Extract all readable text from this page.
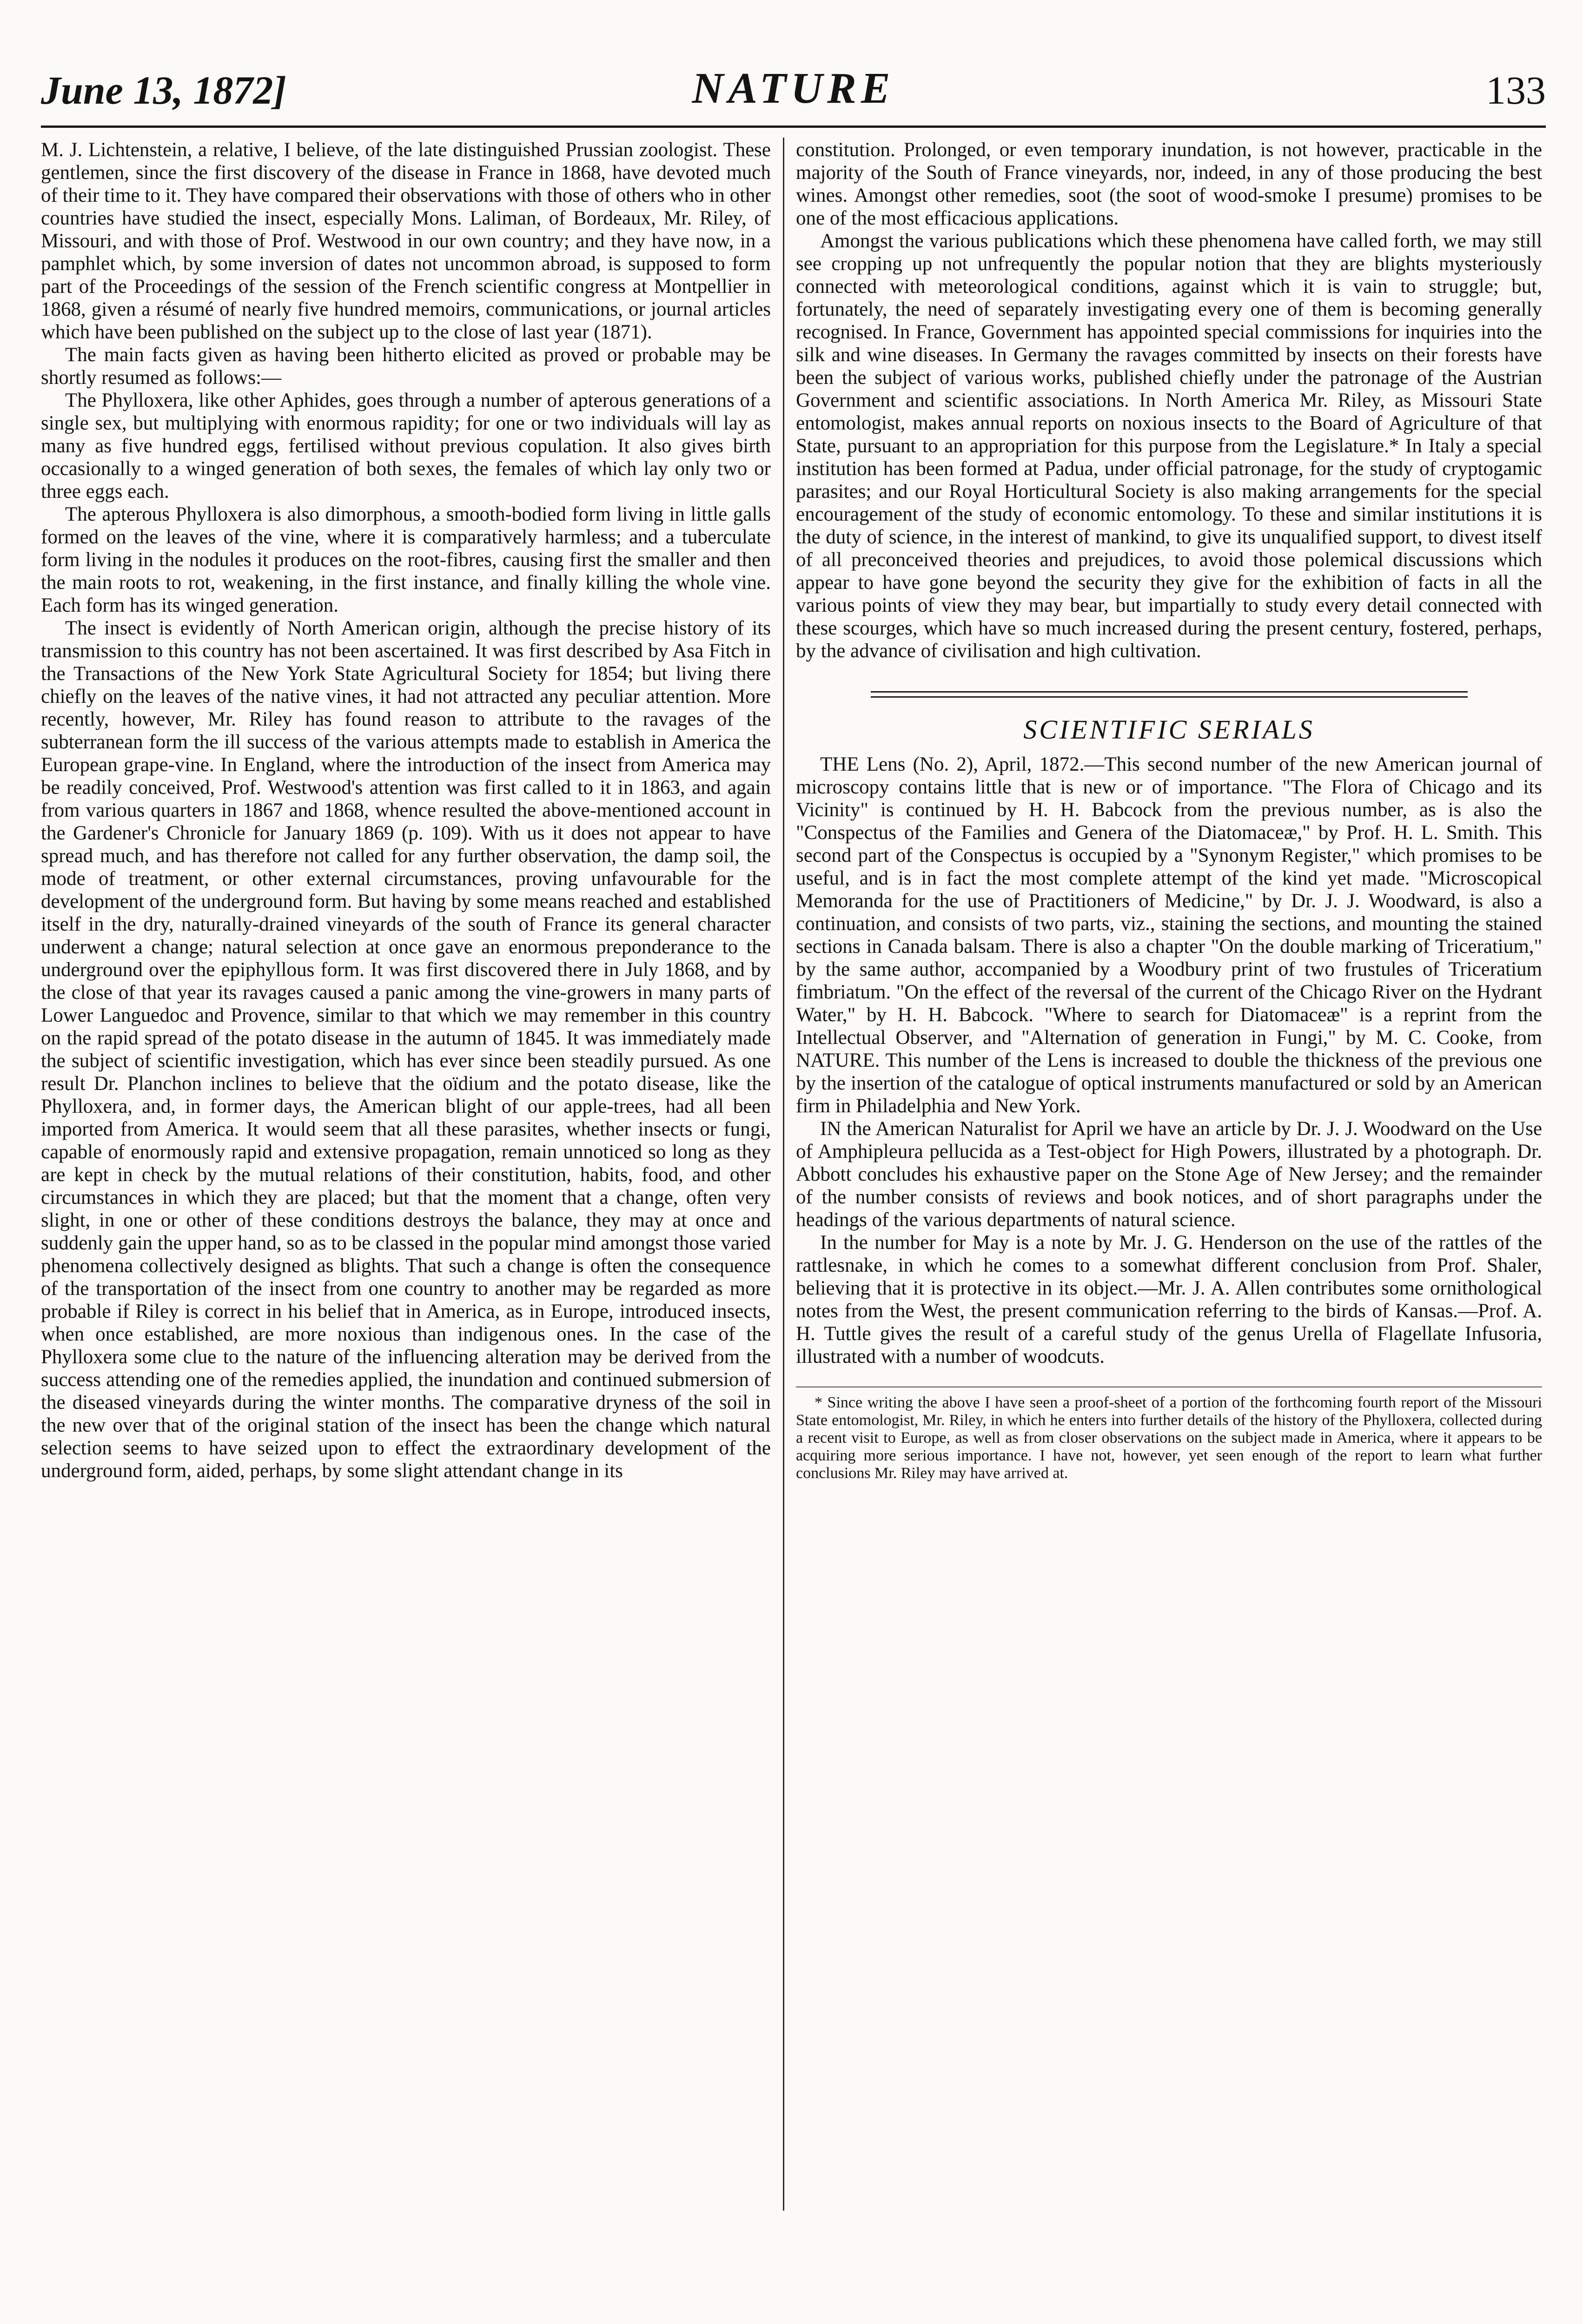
June 13, 1872]	NATURE	133

M. J. Lichtenstein, a relative, I believe, of the late distinguished Prussian zoologist. These gentlemen, since the first discovery of the disease in France in 1868, have devoted much of their time to it. They have compared their observations with those of others who in other countries have studied the insect, especially Mons. Laliman, of Bordeaux, Mr. Riley, of Missouri, and with those of Prof. Westwood in our own country; and they have now, in a pamphlet which, by some inversion of dates not uncommon abroad, is supposed to form part of the Proceedings of the session of the French scientific congress at Montpellier in 1868, given a résumé of nearly five hundred memoirs, communications, or journal articles which have been published on the subject up to the close of last year (1871).

The main facts given as having been hitherto elicited as proved or probable may be shortly resumed as follows:—

The Phylloxera, like other Aphides, goes through a number of apterous generations of a single sex, but multiplying with enormous rapidity; for one or two individuals will lay as many as five hundred eggs, fertilised without previous copulation. It also gives birth occasionally to a winged generation of both sexes, the females of which lay only two or three eggs each.

The apterous Phylloxera is also dimorphous, a smooth-bodied form living in little galls formed on the leaves of the vine, where it is comparatively harmless; and a tuberculate form living in the nodules it produces on the root-fibres, causing first the smaller and then the main roots to rot, weakening, in the first instance, and finally killing the whole vine. Each form has its winged generation.

The insect is evidently of North American origin, although the precise history of its transmission to this country has not been ascertained. It was first described by Asa Fitch in the Transactions of the New York State Agricultural Society for 1854; but living there chiefly on the leaves of the native vines, it had not attracted any peculiar attention. More recently, however, Mr. Riley has found reason to attribute to the ravages of the subterranean form the ill success of the various attempts made to establish in America the European grape-vine. In England, where the introduction of the insect from America may be readily conceived, Prof. Westwood's attention was first called to it in 1863, and again from various quarters in 1867 and 1868, whence resulted the above-mentioned account in the Gardener's Chronicle for January 1869 (p. 109). With us it does not appear to have spread much, and has therefore not called for any further observation, the damp soil, the mode of treatment, or other external circumstances, proving unfavourable for the development of the underground form. But having by some means reached and established itself in the dry, naturally-drained vineyards of the south of France its general character underwent a change; natural selection at once gave an enormous preponderance to the underground over the epiphyllous form. It was first discovered there in July 1868, and by the close of that year its ravages caused a panic among the vine-growers in many parts of Lower Languedoc and Provence, similar to that which we may remember in this country on the rapid spread of the potato disease in the autumn of 1845. It was immediately made the subject of scientific investigation, which has ever since been steadily pursued. As one result Dr. Planchon inclines to believe that the oïdium and the potato disease, like the Phylloxera, and, in former days, the American blight of our apple-trees, had all been imported from America. It would seem that all these parasites, whether insects or fungi, capable of enormously rapid and extensive propagation, remain unnoticed so long as they are kept in check by the mutual relations of their constitution, habits, food, and other circumstances in which they are placed; but that the moment that a change, often very slight, in one or other of these conditions destroys the balance, they may at once and suddenly gain the upper hand, so as to be classed in the popular mind amongst those varied phenomena collectively designed as blights. That such a change is often the consequence of the transportation of the insect from one country to another may be regarded as more probable if Riley is correct in his belief that in America, as in Europe, introduced insects, when once established, are more noxious than indigenous ones. In the case of the Phylloxera some clue to the nature of the influencing alteration may be derived from the success attending one of the remedies applied, the inundation and continued submersion of the diseased vineyards during the winter months. The comparative dryness of the soil in the new over that of the original station of the insect has been the change which natural selection seems to have seized upon to effect the extraordinary development of the underground form, aided, perhaps, by some slight attendant change in its

constitution. Prolonged, or even temporary inundation, is not however, practicable in the majority of the South of France vineyards, nor, indeed, in any of those producing the best wines. Amongst other remedies, soot (the soot of wood-smoke I presume) promises to be one of the most efficacious applications.

Amongst the various publications which these phenomena have called forth, we may still see cropping up not unfrequently the popular notion that they are blights mysteriously connected with meteorological conditions, against which it is vain to struggle; but, fortunately, the need of separately investigating every one of them is becoming generally recognised. In France, Government has appointed special commissions for inquiries into the silk and wine diseases. In Germany the ravages committed by insects on their forests have been the subject of various works, published chiefly under the patronage of the Austrian Government and scientific associations. In North America Mr. Riley, as Missouri State entomologist, makes annual reports on noxious insects to the Board of Agriculture of that State, pursuant to an appropriation for this purpose from the Legislature.* In Italy a special institution has been formed at Padua, under official patronage, for the study of cryptogamic parasites; and our Royal Horticultural Society is also making arrangements for the special encouragement of the study of economic entomology. To these and similar institutions it is the duty of science, in the interest of mankind, to give its unqualified support, to divest itself of all preconceived theories and prejudices, to avoid those polemical discussions which appear to have gone beyond the security they give for the exhibition of facts in all the various points of view they may bear, but impartially to study every detail connected with these scourges, which have so much increased during the present century, fostered, perhaps, by the advance of civilisation and high cultivation.

SCIENTIFIC SERIALS

THE Lens (No. 2), April, 1872.—This second number of the new American journal of microscopy contains little that is new or of importance. "The Flora of Chicago and its Vicinity" is continued by H. H. Babcock from the previous number, as is also the "Conspectus of the Families and Genera of the Diatomaceæ," by Prof. H. L. Smith. This second part of the Conspectus is occupied by a "Synonym Register," which promises to be useful, and is in fact the most complete attempt of the kind yet made. "Microscopical Memoranda for the use of Practitioners of Medicine," by Dr. J. J. Woodward, is also a continuation, and consists of two parts, viz., staining the sections, and mounting the stained sections in Canada balsam. There is also a chapter "On the double marking of Triceratium," by the same author, accompanied by a Woodbury print of two frustules of Triceratium fimbriatum. "On the effect of the reversal of the current of the Chicago River on the Hydrant Water," by H. H. Babcock. "Where to search for Diatomaceæ" is a reprint from the Intellectual Observer, and "Alternation of generation in Fungi," by M. C. Cooke, from NATURE. This number of the Lens is increased to double the thickness of the previous one by the insertion of the catalogue of optical instruments manufactured or sold by an American firm in Philadelphia and New York.

IN the American Naturalist for April we have an article by Dr. J. J. Woodward on the Use of Amphipleura pellucida as a Test-object for High Powers, illustrated by a photograph. Dr. Abbott concludes his exhaustive paper on the Stone Age of New Jersey; and the remainder of the number consists of reviews and book notices, and of short paragraphs under the headings of the various departments of natural science.

In the number for May is a note by Mr. J. G. Henderson on the use of the rattles of the rattlesnake, in which he comes to a somewhat different conclusion from Prof. Shaler, believing that it is protective in its object.—Mr. J. A. Allen contributes some ornithological notes from the West, the present communication referring to the birds of Kansas.—Prof. A. H. Tuttle gives the result of a careful study of the genus Urella of Flagellate Infusoria, illustrated with a number of woodcuts.

* Since writing the above I have seen a proof-sheet of a portion of the forthcoming fourth report of the Missouri State entomologist, Mr. Riley, in which he enters into further details of the history of the Phylloxera, collected during a recent visit to Europe, as well as from closer observations on the subject made in America, where it appears to be acquiring more serious importance. I have not, however, yet seen enough of the report to learn what further conclusions Mr. Riley may have arrived at.
